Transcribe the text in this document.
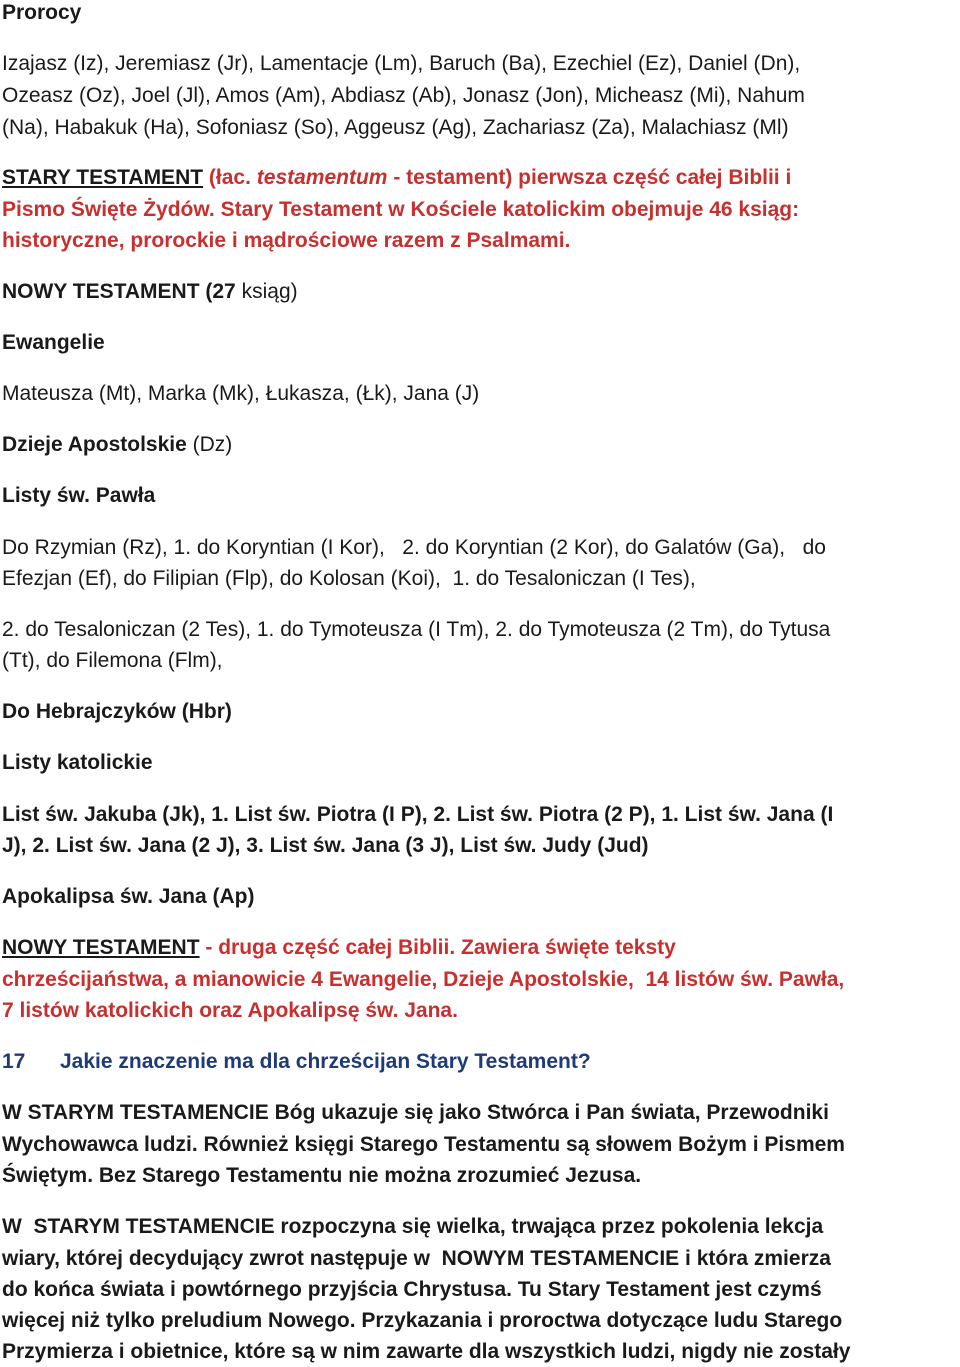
Prorocy
Izajasz (Iz), Jeremiasz (Jr), Lamentacje (Lm), Baruch (Ba), Ezechiel (Ez), Daniel (Dn),
Ozeasz (Oz), Joel (Jl), Amos (Am), Abdiasz (Ab), Jonasz (Jon), Micheasz (Mi), Nahum
(Na), Habakuk (Ha), Sofoniasz (So), Aggeusz (Ag), Zachariasz (Za), Malachiasz (Ml)
STARY TESTAMENT (łac. testamentum - testament) pierwsza część całej Biblii i
Pismo Święte Żydów. Stary Testament w Kościele katolickim obejmuje 46 ksiąg:
historyczne, prorockie i mądrościowe razem z Psalmami.
NOWY TESTAMENT (27 ksiąg)
Ewangelie
Mateusza (Mt), Marka (Mk), Łukasza, (Łk), Jana (J)
Dzieje Apostolskie (Dz)
Listy św. Pawła
Do Rzymian (Rz), 1. do Koryntian (I Kor),   2. do Koryntian (2 Kor), do Galatów (Ga),   do
Efezjan (Ef), do Filipian (Flp), do Kolosan (Koi),  1. do Tesaloniczan (I Tes),
2. do Tesaloniczan (2 Tes), 1. do Tymoteusza (I Tm), 2. do Tymoteusza (2 Tm), do Tytusa
(Tt), do Filemona (Flm),
Do Hebrajczyków (Hbr)
Listy katolickie
List św. Jakuba (Jk), 1. List św. Piotra (I P), 2. List św. Piotra (2 P), 1. List św. Jana (I
J), 2. List św. Jana (2 J), 3. List św. Jana (3 J), List św. Judy (Jud)
Apokalipsa św. Jana (Ap)
NOWY TESTAMENT - druga część całej Biblii. Zawiera święte teksty
chrześcijaństwa, a mianowicie 4 Ewangelie, Dzieje Apostolskie,  14 listów św. Pawła,
7 listów katolickich oraz Apokalipsę św. Jana.
17 Jakie znaczenie ma dla chrześcijan Stary Testament?
W STARYM TESTAMENCIE Bóg ukazuje się jako Stwórca i Pan świata, Przewodniki
Wychowawca ludzi. Również księgi Starego Testamentu są słowem Bożym i Pismem
Świętym. Bez Starego Testamentu nie można zrozumieć Jezusa.
W  STARYM TESTAMENCIE rozpoczyna się wielka, trwająca przez pokolenia lekcja
wiary, której decydujący zwrot następuje w  NOWYM TESTAMENCIE i która zmierza
do końca świata i powtórnego przyjścia Chrystusa. Tu Stary Testament jest czymś
więcej niż tylko preludium Nowego. Przykazania i proroctwa dotyczące ludu Starego
Przymierza i obietnice, które są w nim zawarte dla wszystkich ludzi, nigdy nie zostały
